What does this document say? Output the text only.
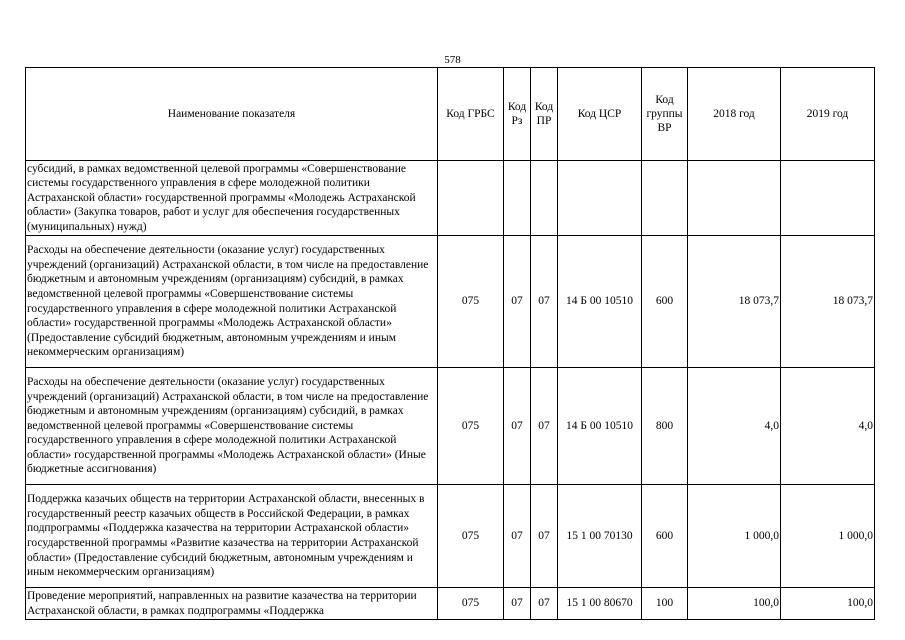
578
Наименование показателя	Код ГРБС	Код Рз	Код ПР	Код ЦСР	Код группы ВР	2018 год	2019 год
субсидий, в рамках ведомственной целевой программы «Совершенствование системы государственного управления в сфере молодежной политики Астраханской области» государственной программы «Молодежь Астраханской области» (Закупка товаров, работ и услуг для обеспечения государственных (муниципальных) нужд)							
Расходы на обеспечение деятельности (оказание услуг) государственных учреждений (организаций) Астраханской области, в том числе на предоставление бюджетным и автономным учреждениям (организациям) субсидий, в рамках ведомственной целевой программы «Совершенствование системы государственного управления в сфере молодежной политики Астраханской области» государственной программы «Молодежь Астраханской области» (Предоставление субсидий бюджетным, автономным учреждениям и иным некоммерческим организациям)	075	07	07	14 Б 00 10510	600	18 073,7	18 073,7
Расходы на обеспечение деятельности (оказание услуг) государственных учреждений (организаций) Астраханской области, в том числе на предоставление бюджетным и автономным учреждениям (организациям) субсидий, в рамках ведомственной целевой программы «Совершенствование системы государственного управления в сфере молодежной политики Астраханской области» государственной программы «Молодежь Астраханской области» (Иные бюджетные ассигнования)	075	07	07	14 Б 00 10510	800	4,0	4,0
Поддержка казачьих обществ на территории Астраханской области, внесенных в государственный реестр казачьих обществ в Российской Федерации, в рамках подпрограммы «Поддержка казачества на территории Астраханской области» государственной программы «Развитие казачества на территории Астраханской области» (Предоставление субсидий бюджетным, автономным учреждениям и иным некоммерческим организациям)	075	07	07	15 1 00 70130	600	1 000,0	1 000,0
Проведение мероприятий, направленных на развитие казачества на территории Астраханской области, в рамках подпрограммы «Поддержка	075	07	07	15 1 00 80670	100	100,0	100,0
